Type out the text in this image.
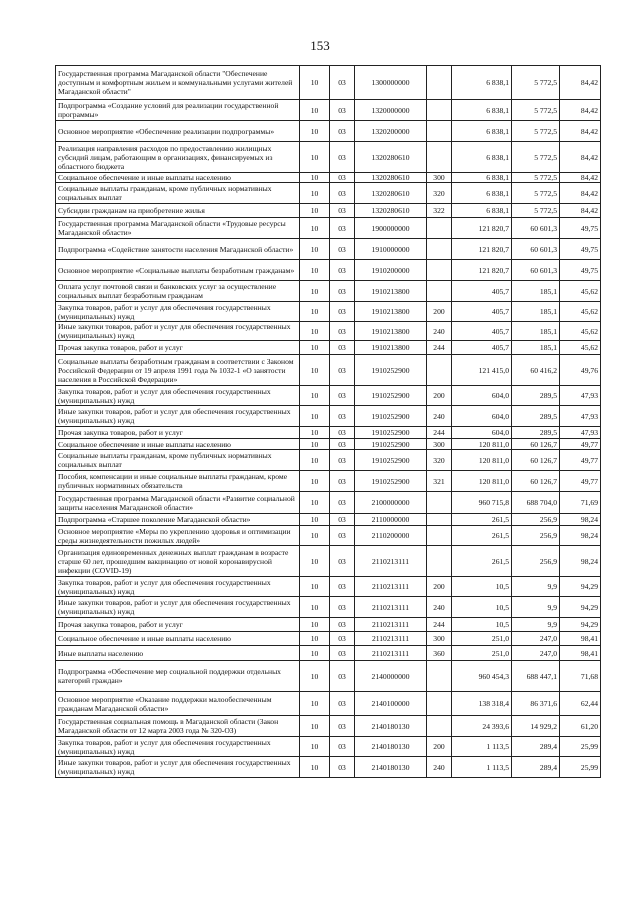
153
Государственная программа Магаданской области "Обеспечение доступным и комфортным жильем и коммунальными услугами жителей Магаданской области"	10	03	1300000000		6 838,1	5 772,5	84,42
Подпрограмма «Создание условий для реализации государственной программы»	10	03	1320000000		6 838,1	5 772,5	84,42
Основное мероприятие «Обеспечение реализации подпрограммы»	10	03	1320200000		6 838,1	5 772,5	84,42
Реализация направления расходов по предоставлению жилищных субсидий лицам, работающим в организациях, финансируемых из областного бюджета	10	03	1320280610		6 838,1	5 772,5	84,42
Социальное обеспечение и иные выплаты населению	10	03	1320280610	300	6 838,1	5 772,5	84,42
Социальные выплаты гражданам, кроме публичных нормативных социальных выплат	10	03	1320280610	320	6 838,1	5 772,5	84,42
Субсидии гражданам на приобретение жилья	10	03	1320280610	322	6 838,1	5 772,5	84,42
Государственная программа Магаданской области «Трудовые ресурсы Магаданской области»	10	03	1900000000		121 820,7	60 601,3	49,75
Подпрограмма «Содействие занятости населения Магаданской области»	10	03	1910000000		121 820,7	60 601,3	49,75
Основное мероприятие «Социальные выплаты безработным гражданам»	10	03	1910200000		121 820,7	60 601,3	49,75
Оплата услуг почтовой связи и банковских услуг за осуществление социальных выплат безработным гражданам	10	03	1910213800		405,7	185,1	45,62
Закупка товаров, работ и услуг для обеспечения государственных (муниципальных) нужд	10	03	1910213800	200	405,7	185,1	45,62
Иные закупки товаров, работ и услуг для обеспечения государственных (муниципальных) нужд	10	03	1910213800	240	405,7	185,1	45,62
Прочая закупка товаров, работ и услуг	10	03	1910213800	244	405,7	185,1	45,62
Социальные выплаты безработным гражданам в соответствии с Законом Российской Федерации от 19 апреля 1991 года № 1032-1 «О занятости населения в Российской Федерации»	10	03	1910252900		121 415,0	60 416,2	49,76
Закупка товаров, работ и услуг для обеспечения государственных (муниципальных) нужд	10	03	1910252900	200	604,0	289,5	47,93
Иные закупки товаров, работ и услуг для обеспечения государственных (муниципальных) нужд	10	03	1910252900	240	604,0	289,5	47,93
Прочая закупка товаров, работ и услуг	10	03	1910252900	244	604,0	289,5	47,93
Социальное обеспечение и иные выплаты населению	10	03	1910252900	300	120 811,0	60 126,7	49,77
Социальные выплаты гражданам, кроме публичных нормативных социальных выплат	10	03	1910252900	320	120 811,0	60 126,7	49,77
Пособия, компенсации и иные социальные выплаты гражданам, кроме публичных нормативных обязательств	10	03	1910252900	321	120 811,0	60 126,7	49,77
Государственная программа Магаданской области «Развитие социальной защиты населения Магаданской области»	10	03	2100000000		960 715,8	688 704,0	71,69
Подпрограмма «Старшее поколение Магаданской области»	10	03	2110000000		261,5	256,9	98,24
Основное мероприятие «Меры по укреплению здоровья и оптимизации среды жизнедеятельности пожилых людей»	10	03	2110200000		261,5	256,9	98,24
Организация единовременных денежных выплат гражданам в возрасте старше 60 лет, прошедшим вакцинацию от новой коронавирусной инфекции (COVID-19)	10	03	2110213111		261,5	256,9	98,24
Закупка товаров, работ и услуг для обеспечения государственных (муниципальных) нужд	10	03	2110213111	200	10,5	9,9	94,29
Иные закупки товаров, работ и услуг для обеспечения государственных (муниципальных) нужд	10	03	2110213111	240	10,5	9,9	94,29
Прочая закупка товаров, работ и услуг	10	03	2110213111	244	10,5	9,9	94,29
Социальное обеспечение и иные выплаты населению	10	03	2110213111	300	251,0	247,0	98,41
Иные выплаты населению	10	03	2110213111	360	251,0	247,0	98,41
Подпрограмма «Обеспечение мер социальной поддержки отдельных категорий граждан»	10	03	2140000000		960 454,3	688 447,1	71,68
Основное мероприятие «Оказание поддержки малообеспеченным гражданам Магаданской области»	10	03	2140100000		138 318,4	86 371,6	62,44
Государственная социальная помощь в Магаданской области (Закон Магаданской области от 12 марта 2003 года № 320-ОЗ)	10	03	2140180130		24 393,6	14 929,2	61,20
Закупка товаров, работ и услуг для обеспечения государственных (муниципальных) нужд	10	03	2140180130	200	1 113,5	289,4	25,99
Иные закупки товаров, работ и услуг для обеспечения государственных (муниципальных) нужд	10	03	2140180130	240	1 113,5	289,4	25,99
